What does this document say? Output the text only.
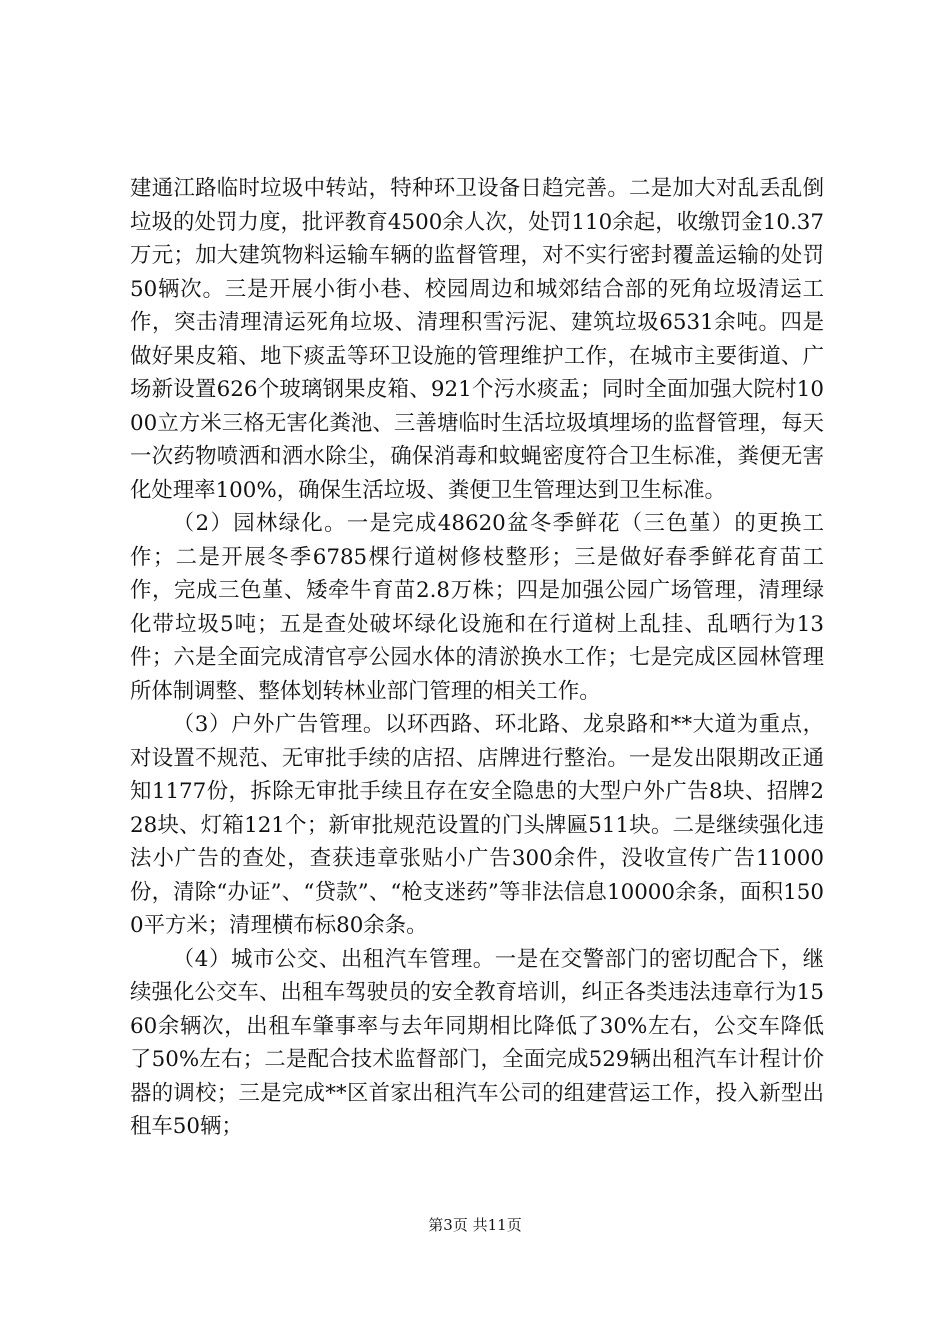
建通江路临时垃圾中转站，特种环卫设备日趋完善。二是加大对乱丢乱倒垃圾的处罚力度，批评教育4500余人次，处罚110余起，收缴罚金10.37万元；加大建筑物料运输车辆的监督管理，对不实行密封覆盖运输的处罚50辆次。三是开展小街小巷、校园周边和城郊结合部的死角垃圾清运工作，突击清理清运死角垃圾、清理积雪污泥、建筑垃圾6531余吨。四是做好果皮箱、地下痰盂等环卫设施的管理维护工作，在城市主要街道、广场新设置626个玻璃钢果皮箱、921个污水痰盂；同时全面加强大院村1000立方米三格无害化粪池、三善塘临时生活垃圾填埋场的监督管理，每天一次药物喷洒和洒水除尘，确保消毒和蚊蝇密度符合卫生标准，粪便无害化处理率100%，确保生活垃圾、粪便卫生管理达到卫生标准。

（2）园林绿化。一是完成48620盆冬季鲜花（三色堇）的更换工作；二是开展冬季6785棵行道树修枝整形；三是做好春季鲜花育苗工作，完成三色堇、矮牵牛育苗2.8万株；四是加强公园广场管理，清理绿化带垃圾5吨；五是查处破坏绿化设施和在行道树上乱挂、乱晒行为13件；六是全面完成清官亭公园水体的清淤换水工作；七是完成区园林管理所体制调整、整体划转林业部门管理的相关工作。

（3）户外广告管理。以环西路、环北路、龙泉路和**大道为重点，对设置不规范、无审批手续的店招、店牌进行整治。一是发出限期改正通知1177份，拆除无审批手续且存在安全隐患的大型户外广告8块、招牌228块、灯箱121个；新审批规范设置的门头牌匾511块。二是继续强化违法小广告的查处，查获违章张贴小广告300余件，没收宣传广告11000份，清除“办证”、“贷款”、“枪支迷药”等非法信息10000余条，面积1500平方米；清理横布标80余条。

（4）城市公交、出租汽车管理。一是在交警部门的密切配合下，继续强化公交车、出租车驾驶员的安全教育培训，纠正各类违法违章行为1560余辆次，出租车肇事率与去年同期相比降低了30%左右，公交车降低了50%左右；二是配合技术监督部门，全面完成529辆出租汽车计程计价器的调校；三是完成**区首家出租汽车公司的组建营运工作，投入新型出租车50辆；

第3页 共11页
